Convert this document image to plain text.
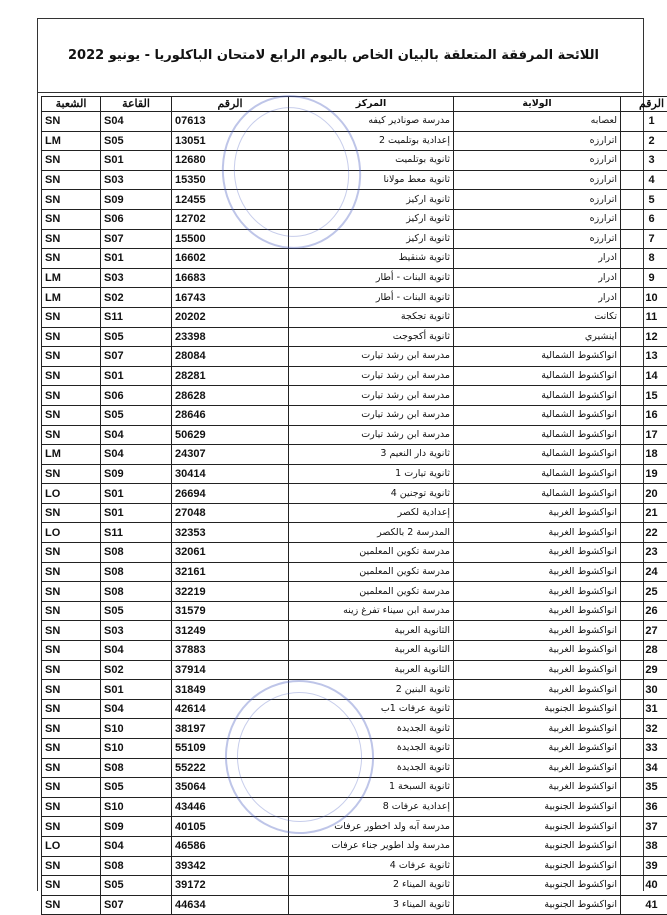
اللائحة المرفقة المتعلقة بالبيان الخاص باليوم الرابع لامتحان الباكلوريا - يونيو 2022
الشعبة	القاعة	الرقم	المركز	الولاية	الرقم
SN	S04	07613	مدرسة صونادير كيفه	لعصابه	1
LM	S05	13051	إعدادية بوتلميت 2	اترارزه	2
SN	S01	12680	ثانوية بوتلميت	اترارزه	3
SN	S03	15350	ثانوية معط مولانا	اترارزه	4
SN	S09	12455	ثانوية اركيز	اترارزه	5
SN	S06	12702	ثانوية اركيز	اترارزه	6
SN	S07	15500	ثانوية اركيز	اترارزه	7
SN	S01	16602	ثانوية شنقيط	ادرار	8
LM	S03	16683	ثانوية البنات - أطار	ادرار	9
LM	S02	16743	ثانوية البنات - أطار	ادرار	10
SN	S11	20202	ثانوية تجكجة	تكانت	11
SN	S05	23398	ثانوية أكجوجت	اينشيري	12
SN	S07	28084	مدرسة ابن رشد تيارت	انواكشوط الشمالية	13
SN	S01	28281	مدرسة ابن رشد تيارت	انواكشوط الشمالية	14
SN	S06	28628	مدرسة ابن رشد تيارت	انواكشوط الشمالية	15
SN	S05	28646	مدرسة ابن رشد تيارت	انواكشوط الشمالية	16
SN	S04	50629	مدرسة ابن رشد تيارت	انواكشوط الشمالية	17
LM	S04	24307	ثانوية دار النعيم 3	انواكشوط الشمالية	18
SN	S09	30414	ثانوية تيارت 1	انواكشوط الشمالية	19
LO	S01	26694	ثانوية توجنين 4	انواكشوط الشمالية	20
SN	S01	27048	إعدادية لكصر	انواكشوط الغربية	21
LO	S11	32353	المدرسة 2 بالكصر	انواكشوط الغربية	22
SN	S08	32061	مدرسة تكوين المعلمين	انواكشوط الغربية	23
SN	S08	32161	مدرسة تكوين المعلمين	انواكشوط الغربية	24
SN	S08	32219	مدرسة تكوين المعلمين	انواكشوط الغربية	25
SN	S05	31579	مدرسة ابن سيناء تفرغ زينه	انواكشوط الغربية	26
SN	S03	31249	الثانوية العربية	انواكشوط الغربية	27
SN	S04	37883	الثانوية العربية	انواكشوط الغربية	28
SN	S02	37914	الثانوية العربية	انواكشوط الغربية	29
SN	S01	31849	ثانوية البنين 2	انواكشوط الغربية	30
SN	S04	42614	ثانوية عرفات 1ب	انواكشوط الجنوبية	31
SN	S10	38197	ثانوية الجديدة	انواكشوط الغربية	32
SN	S10	55109	ثانوية الجديدة	انواكشوط الغربية	33
SN	S08	55222	ثانوية الجديدة	انواكشوط الغربية	34
SN	S05	35064	ثانوية السبخة 1	انواكشوط الغربية	35
SN	S10	43446	إعدادية عرفات 8	انواكشوط الجنوبية	36
SN	S09	40105	مدرسة آبه ولد اخطور عرفات	انواكشوط الجنوبية	37
LO	S04	46586	مدرسة ولد اطوير جناء عرفات	انواكشوط الجنوبية	38
SN	S08	39342	ثانوية عرفات 4	انواكشوط الجنوبية	39
SN	S05	39172	ثانوية الميناء 2	انواكشوط الجنوبية	40
SN	S07	44634	ثانوية الميناء 3	انواكشوط الجنوبية	41
